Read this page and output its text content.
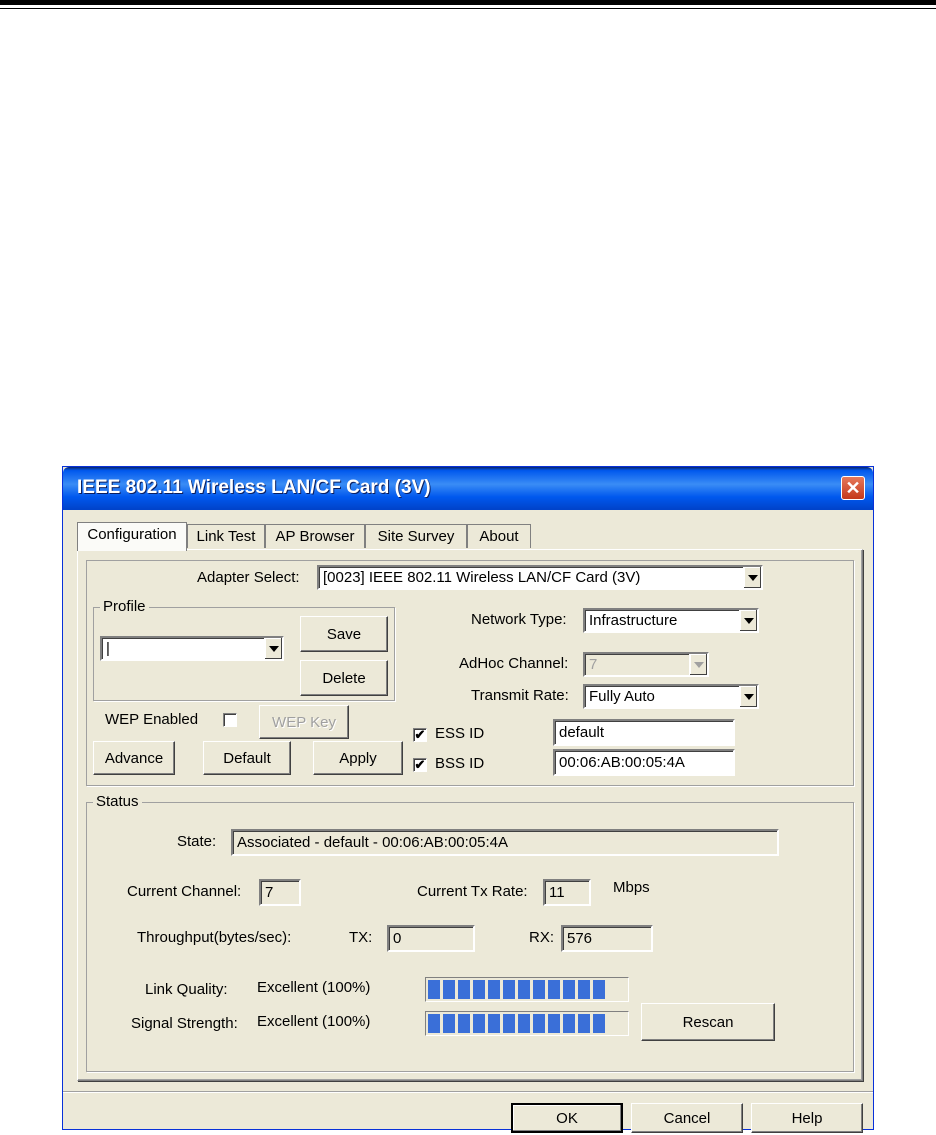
IEEE 802.11 Wireless LAN/CF Card (3V)	✕
Configuration	Link Test	AP Browser	Site Survey	About
Adapter Select: [0023] IEEE 802.11 Wireless LAN/CF Card (3V)
Profile
|
Save
Delete
Network Type: Infrastructure
AdHoc Channel: 7
Transmit Rate: Fully Auto
WEP Enabled	WEP Key
✔ ESS ID	default
Advance	Default	Apply	✔ BSS ID	00:06:AB:00:05:4A
Status
State: Associated - default - 00:06:AB:00:05:4A
Current Channel: 7	Current Tx Rate: 11	Mbps
Throughput(bytes/sec):	TX: 0	RX: 576
Link Quality: Excellent (100%)
Signal Strength: Excellent (100%)	Rescan
OK	Cancel	Help
